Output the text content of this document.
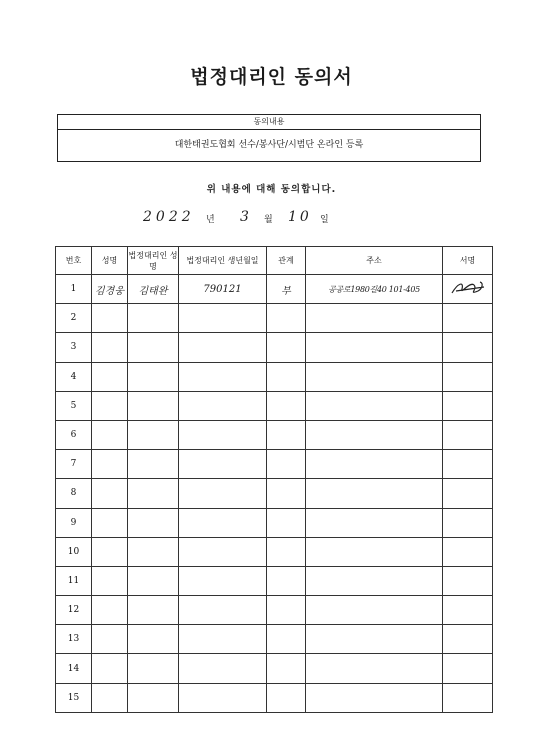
법정대리인 동의서
동의내용
대한태권도협회 선수/봉사단/시범단 온라인 등록
위 내용에 대해 동의합니다.
2022 년 3 월 10 일
번호	성명	법정대리인 성명	법정대리인 생년월일	관계	주소	서명
1	김경웅	김태완	790121	부	공공로1980길40 101-405

2						
3						
4						
5						
6						
7						
8						
9						
10						
11						
12						
13						
14						
15						
